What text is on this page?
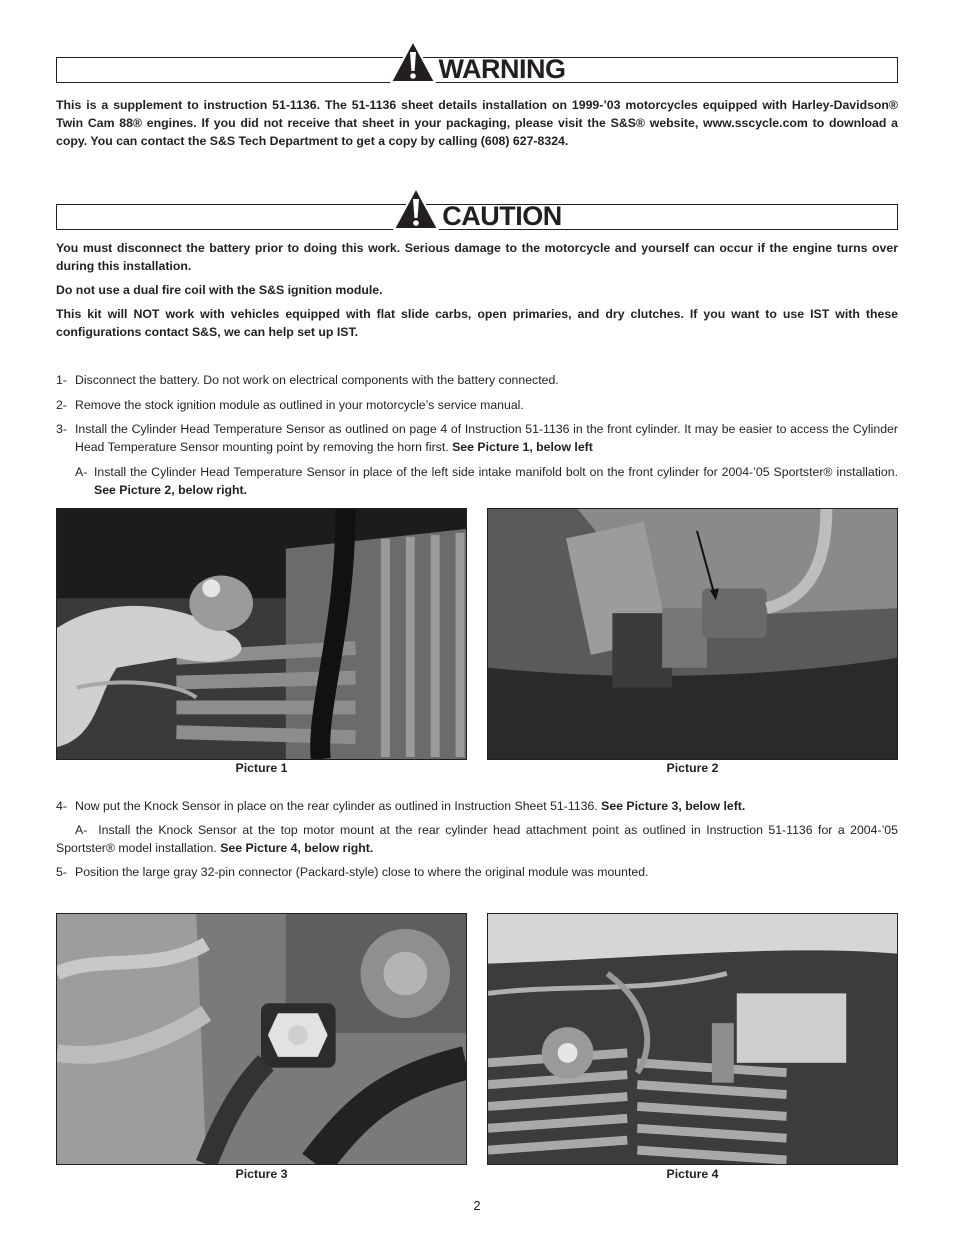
WARNING
This is a supplement to instruction 51-1136. The 51-1136 sheet details installation on 1999-’03 motorcycles equipped with Harley-Davidson® Twin Cam 88® engines. If you did not receive that sheet in your packaging, please visit the S&S® website, www.sscycle.com to download a copy. You can contact the S&S Tech Department to get a copy by calling (608) 627-8324.
CAUTION
You must disconnect the battery prior to doing this work. Serious damage to the motorcycle and yourself can occur if the engine turns over during this installation.
Do not use a dual fire coil with the S&S ignition module.
This kit will NOT work with vehicles equipped with flat slide carbs, open primaries, and dry clutches. If you want to use IST with these configurations contact S&S, we can help set up IST.
1- Disconnect the battery. Do not work on electrical components with the battery connected.
2- Remove the stock ignition module as outlined in your motorcycle’s service manual.
3- Install the Cylinder Head Temperature Sensor as outlined on page 4 of Instruction 51-1136 in the front cylinder. It may be easier to access the Cylinder Head Temperature Sensor mounting point by removing the horn first. See Picture 1, below left
A- Install the Cylinder Head Temperature Sensor in place of the left side intake manifold bolt on the front cylinder for 2004-’05 Sportster® installation. See Picture 2, below right.
Picture 1	Picture 2
4- Now put the Knock Sensor in place on the rear cylinder as outlined in Instruction Sheet 51-1136. See Picture 3, below left.
A- Install the Knock Sensor at the top motor mount at the rear cylinder head attachment point as outlined in Instruction 51-1136 for a 2004-’05 Sportster® model installation. See Picture 4, below right.
5- Position the large gray 32-pin connector (Packard-style) close to where the original module was mounted.
Picture 3	Picture 4
2
